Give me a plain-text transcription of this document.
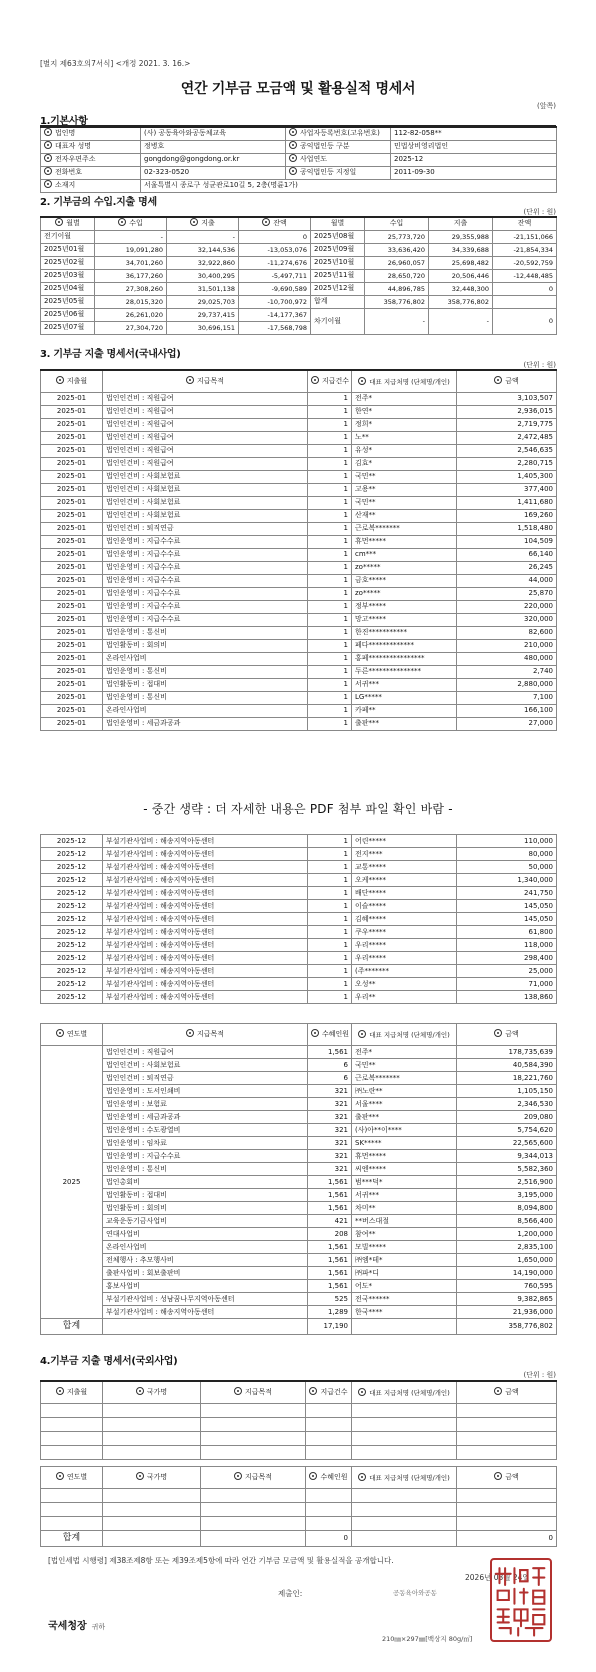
[별지 제63호의7서식] <개정 2021. 3. 16.>
연간 기부금 모금액 및 활용실적 명세서
(앞쪽)
1.기본사항
법인명	(사) 공동육아와공동체교육	사업자등록번호(고유번호)	112-82-058**
대표자 성명	정병호	공익법인등 구분	민법상비영리법인
전자우편주소	gongdong@gongdong.or.kr	사업연도	2025-12
전화번호	02-323-0520	공익법인등 지정일	2011-09-30
소재지	서울특별시 종로구 성균관로10길 5, 2층(명륜1가)		
2. 기부금의 수입.지출 명세
(단위 : 원)
월별	수입	지출	잔액	월별	수입	지출	잔액
전기이월	-	-	0	2025년08월	25,773,720	29,355,988	-21,151,066
2025년01월	19,091,280	32,144,536	-13,053,076	2025년09월	33,636,420	34,339,688	-21,854,334
2025년02월	34,701,260	32,922,860	-11,274,676	2025년10월	26,960,057	25,698,482	-20,592,759
2025년03월	36,177,260	30,400,295	-5,497,711	2025년11월	28,650,720	20,506,446	-12,448,485
2025년04월	27,308,260	31,501,138	-9,690,589	2025년12월	44,896,785	32,448,300	0
2025년05월	28,015,320	29,025,703	-10,700,972	합계	358,776,802	358,776,802	
2025년06월	26,261,020	29,737,415	-14,177,367	차기이월	-	-	0
2025년07월	27,304,720	30,696,151	-17,568,798				
3. 기부금 지출 명세서(국내사업)
(단위 : 원)
지출월	지급목적	지급건수	대표 지급처명 (단체명/개인)	금액
2025-01	법인인건비 : 직원급여	1	전주*	3,103,507
2025-01	법인인건비 : 직원급여	1	한연*	2,936,015
2025-01	법인인건비 : 직원급여	1	정희*	2,719,775
2025-01	법인인건비 : 직원급여	1	노**	2,472,485
2025-01	법인인건비 : 직원급여	1	유성*	2,546,635
2025-01	법인인건비 : 직원급여	1	김효*	2,280,715
2025-01	법인인건비 : 사회보험료	1	국민**	1,405,300
2025-01	법인인건비 : 사회보험료	1	고용**	377,400
2025-01	법인인건비 : 사회보험료	1	국민**	1,411,680
2025-01	법인인건비 : 사회보험료	1	산재**	169,260
2025-01	법인인건비 : 퇴직연금	1	근로복*******	1,518,480
2025-01	법인운영비 : 지급수수료	1	휴먼*****	104,509
2025-01	법인운영비 : 지급수수료	1	cm***	66,140
2025-01	법인운영비 : 지급수수료	1	zo*****	26,245
2025-01	법인운영비 : 지급수수료	1	금호*****	44,000
2025-01	법인운영비 : 지급수수료	1	zo*****	25,870
2025-01	법인운영비 : 지급수수료	1	정부*****	220,000
2025-01	법인운영비 : 지급수수료	1	망고*****	320,000
2025-01	법인운영비 : 통신비	1	한진***********	82,600
2025-01	법인활동비 : 회의비	1	페다*************	210,000
2025-01	온라인사업비	1	홍페****************	480,000
2025-01	법인운영비 : 통신비	1	두른***************	2,740
2025-01	법인활동비 : 접대비	1	서귀***	2,880,000
2025-01	법인운영비 : 통신비	1	LG*****	7,100
2025-01	온라인사업비	1	카페**	166,100
2025-01	법인운영비 : 세금과공과	1	출판***	27,000
- 중간 생략 : 더 자세한 내용은 PDF 첨부 파일 확인 바람 -
2025-12	부설기관사업비 : 해송지역아동센터	1	어린*****	110,000
2025-12	부설기관사업비 : 해송지역아동센터	1	전지****	80,000
2025-12	부설기관사업비 : 해송지역아동센터	1	교통*****	50,000
2025-12	부설기관사업비 : 해송지역아동센터	1	오케*****	1,340,000
2025-12	부설기관사업비 : 해송지역아동센터	1	배단*****	241,750
2025-12	부설기관사업비 : 해송지역아동센터	1	이슬*****	145,050
2025-12	부설기관사업비 : 해송지역아동센터	1	김혜*****	145,050
2025-12	부설기관사업비 : 해송지역아동센터	1	쿠우*****	61,800
2025-12	부설기관사업비 : 해송지역아동센터	1	우리*****	118,000
2025-12	부설기관사업비 : 해송지역아동센터	1	우리*****	298,400
2025-12	부설기관사업비 : 해송지역아동센터	1	(주*******	25,000
2025-12	부설기관사업비 : 해송지역아동센터	1	오성**	71,000
2025-12	부설기관사업비 : 해송지역아동센터	1	우리**	138,860
연도별	지급목적	수혜인원	대표 지급처명 (단체명/개인)	금액
2025	법인인건비 : 직원급여	1,561	전주*	178,735,639
	법인인건비 : 사회보험료	6	국민**	40,584,390
	법인인건비 : 퇴직연금	6	근로복*******	18,221,760
	법인운영비 : 도서인쇄비	321	㈜노란**	1,105,150
	법인운영비 : 보험료	321	서울****	2,346,530
	법인운영비 : 세금과공과	321	출판***	209,080
	법인운영비 : 수도광열비	321	(사)아**이****	5,754,620
	법인운영비 : 임차료	321	SK*****	22,565,600
	법인운영비 : 지급수수료	321	휴먼*****	9,344,013
	법인운영비 : 통신비	321	씨엔*****	5,582,360
	법인총회비	1,561	범***덕*	2,516,900
	법인활동비 : 접대비	1,561	서귀***	3,195,000
	법인활동비 : 회의비	1,561	차미**	8,094,800
	교육운동기금사업비	421	**버스대절	8,566,400
	연대사업비	208	참여**	1,200,000
	온라인사업비	1,561	모빌*****	2,835,100
	전체행사 : 추모행사비	1,561	㈜엠*테*	1,650,000
	출판사업비 : 회보출판비	1,561	㈜파*디	14,190,000
	홍보사업비	1,561	어도*	760,595
	부설기관사업비 : 성남꿈나무지역아동센터	525	전국******	9,382,865
	부설기관사업비 : 해송지역아동센터	1,289	한국****	21,936,000
합계		17,190		358,776,802
4.기부금 지출 명세서(국외사업)
(단위 : 원)
지출월	국가명	지급목적	지급건수	대표 지급처명 (단체명/개인)	금액

연도별	국가명	지급목적	수혜인원	대표 지급처명 (단체명/개인)	금액

합계			0		0
[법인세법 시행령] 제38조제8항 또는 제39조제5항에 따라 연간 기부금 모금액 및 활용실적을 공개합니다.
2026년 03월 24일
제출인:	공동육아와공동
국세청장 귀하
210㎜×297㎜[백상지 80g/㎡]
